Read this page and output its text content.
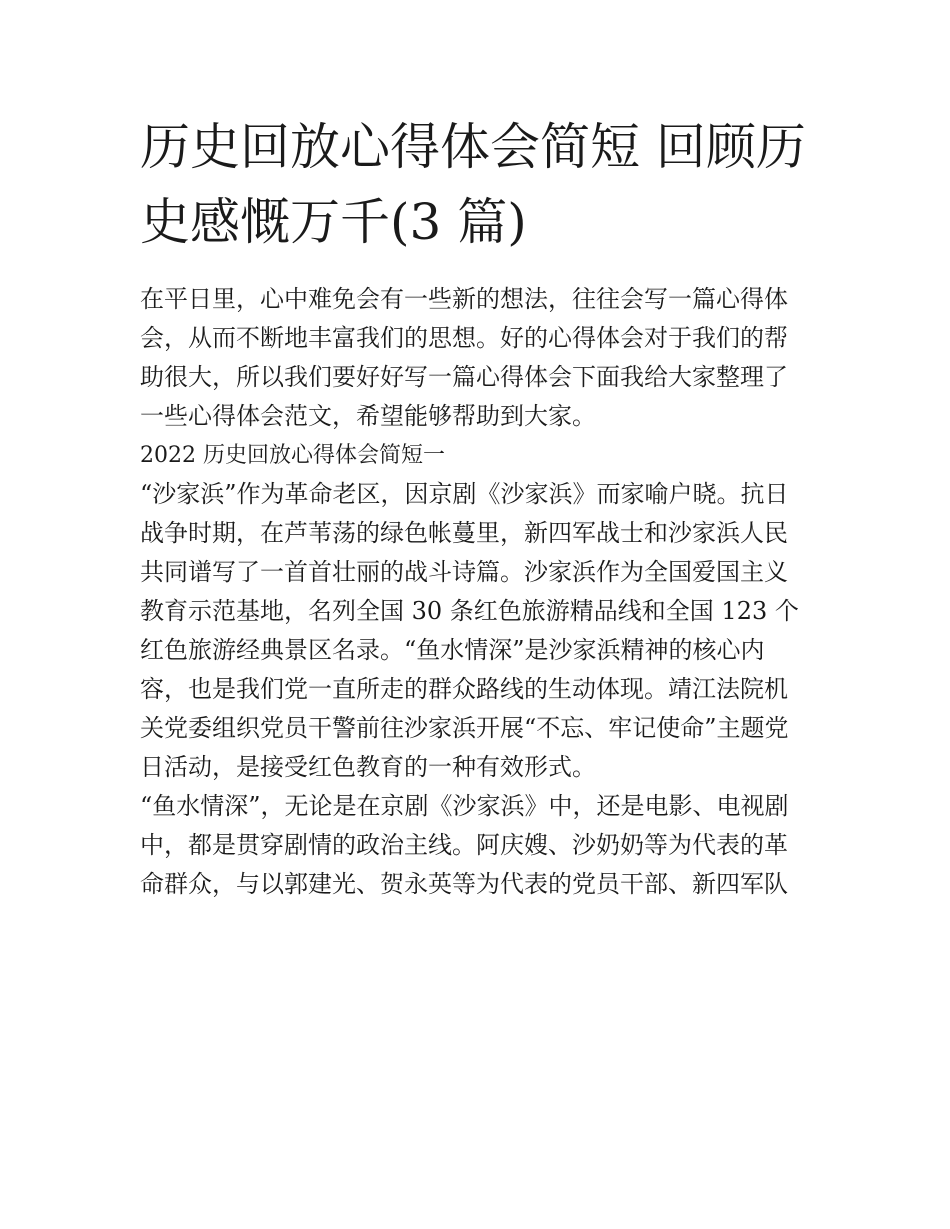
历史回放心得体会简短 回顾历
史感慨万千(3 篇)

在平日里，心中难免会有一些新的想法，往往会写一篇心得体
会，从而不断地丰富我们的思想。好的心得体会对于我们的帮
助很大，所以我们要好好写一篇心得体会下面我给大家整理了
一些心得体会范文，希望能够帮助到大家。

2022 历史回放心得体会简短一

“沙家浜”作为革命老区，因京剧《沙家浜》而家喻户晓。抗日
战争时期，在芦苇荡的绿色帐蔓里，新四军战士和沙家浜人民
共同谱写了一首首壮丽的战斗诗篇。沙家浜作为全国爱国主义
教育示范基地，名列全国 30 条红色旅游精品线和全国 123 个
红色旅游经典景区名录。“鱼水情深”是沙家浜精神的核心内
容，也是我们党一直所走的群众路线的生动体现。靖江法院机
关党委组织党员干警前往沙家浜开展“不忘、牢记使命”主题党
日活动，是接受红色教育的一种有效形式。

“鱼水情深”，无论是在京剧《沙家浜》中，还是电影、电视剧
中，都是贯穿剧情的政治主线。阿庆嫂、沙奶奶等为代表的革
命群众，与以郭建光、贺永英等为代表的党员干部、新四军队
